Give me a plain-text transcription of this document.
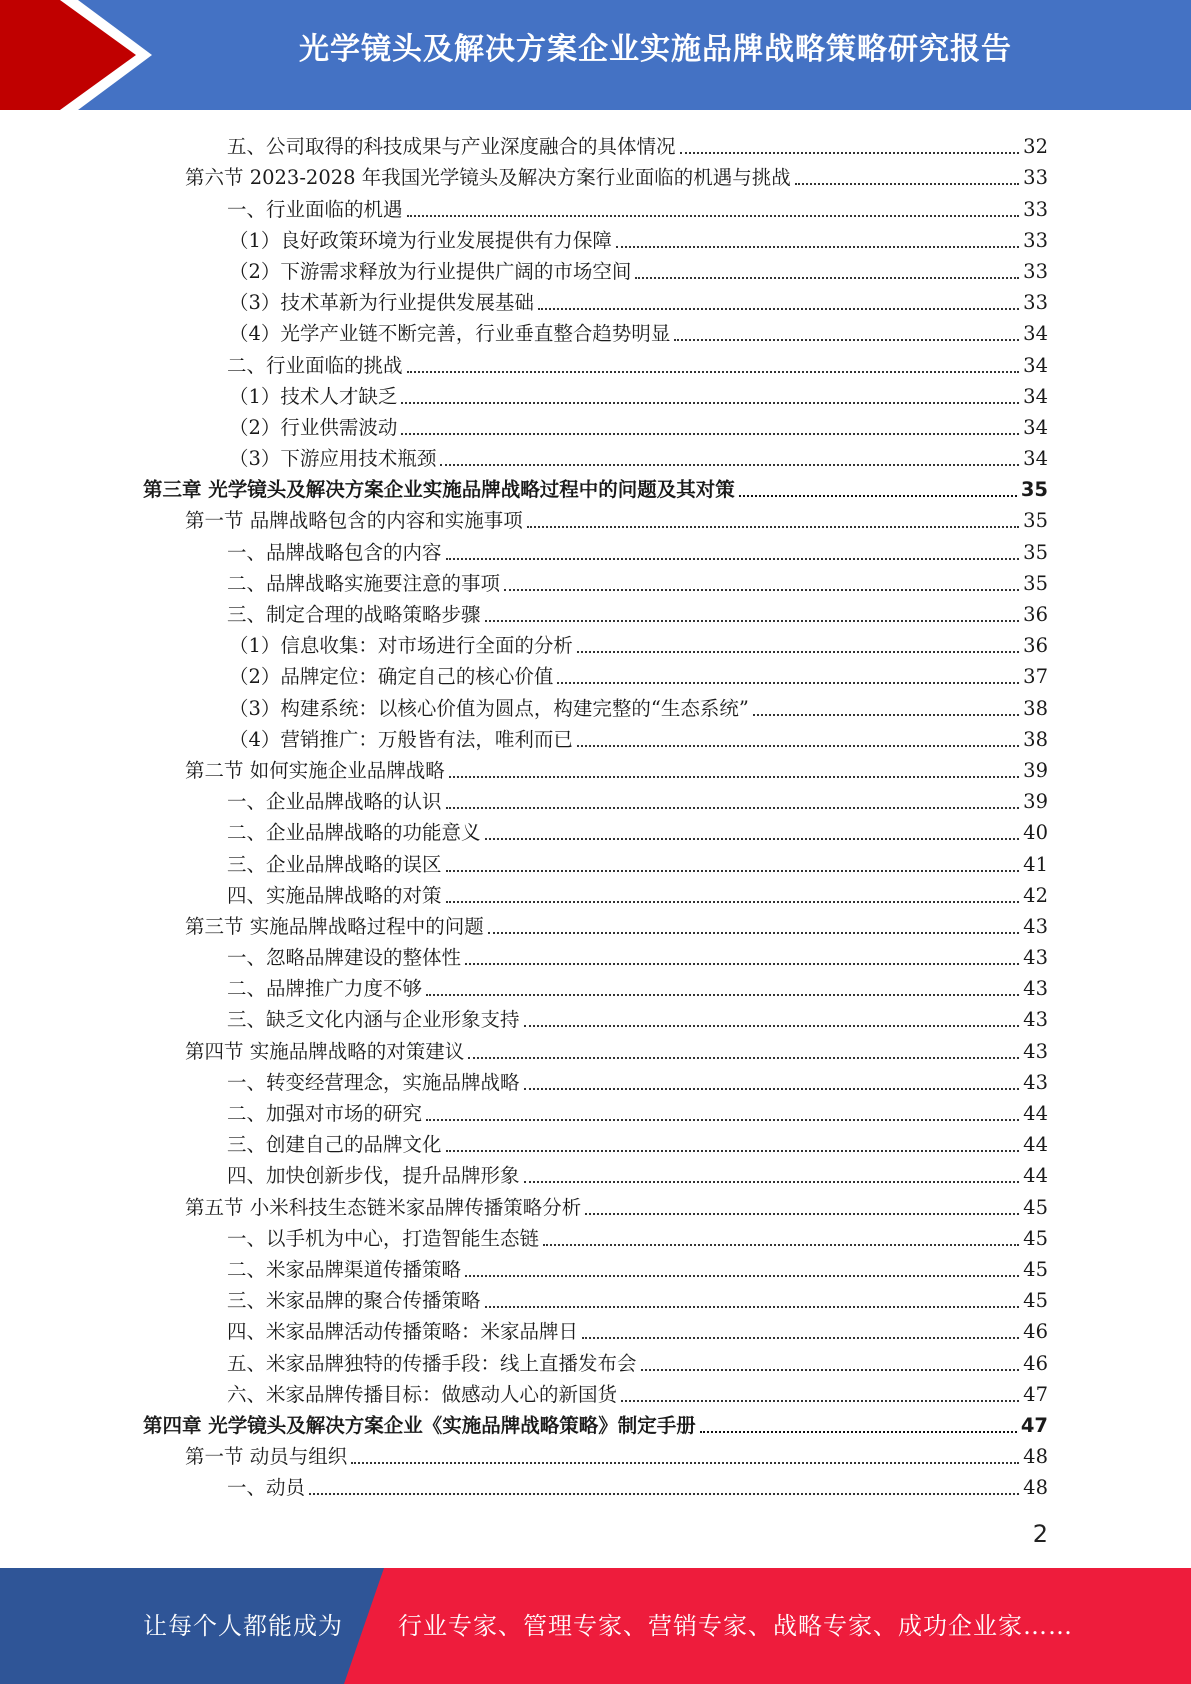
光学镜头及解决方案企业实施品牌战略策略研究报告
五、公司取得的科技成果与产业深度融合的具体情况	32
第六节 2023-2028 年我国光学镜头及解决方案行业面临的机遇与挑战	33
一、行业面临的机遇	33
（1）良好政策环境为行业发展提供有力保障	33
（2）下游需求释放为行业提供广阔的市场空间	33
（3）技术革新为行业提供发展基础	33
（4）光学产业链不断完善，行业垂直整合趋势明显	34
二、行业面临的挑战	34
（1）技术人才缺乏	34
（2）行业供需波动	34
（3）下游应用技术瓶颈	34
第三章 光学镜头及解决方案企业实施品牌战略过程中的问题及其对策	35
第一节 品牌战略包含的内容和实施事项	35
一、品牌战略包含的内容	35
二、品牌战略实施要注意的事项	35
三、制定合理的战略策略步骤	36
（1）信息收集：对市场进行全面的分析	36
（2）品牌定位：确定自己的核心价值	37
（3）构建系统：以核心价值为圆点，构建完整的“生态系统”	38
（4）营销推广：万般皆有法，唯利而已	38
第二节 如何实施企业品牌战略	39
一、企业品牌战略的认识	39
二、企业品牌战略的功能意义	40
三、企业品牌战略的误区	41
四、实施品牌战略的对策	42
第三节 实施品牌战略过程中的问题	43
一、忽略品牌建设的整体性	43
二、品牌推广力度不够	43
三、缺乏文化内涵与企业形象支持	43
第四节 实施品牌战略的对策建议	43
一、转变经营理念，实施品牌战略	43
二、加强对市场的研究	44
三、创建自己的品牌文化	44
四、加快创新步伐，提升品牌形象	44
第五节 小米科技生态链米家品牌传播策略分析	45
一、以手机为中心，打造智能生态链	45
二、米家品牌渠道传播策略	45
三、米家品牌的聚合传播策略	45
四、米家品牌活动传播策略：米家品牌日	46
五、米家品牌独特的传播手段：线上直播发布会	46
六、米家品牌传播目标：做感动人心的新国货	47
第四章 光学镜头及解决方案企业《实施品牌战略策略》制定手册	47
第一节 动员与组织	48
一、动员	48
2
让每个人都能成为 行业专家、管理专家、营销专家、战略专家、成功企业家……
